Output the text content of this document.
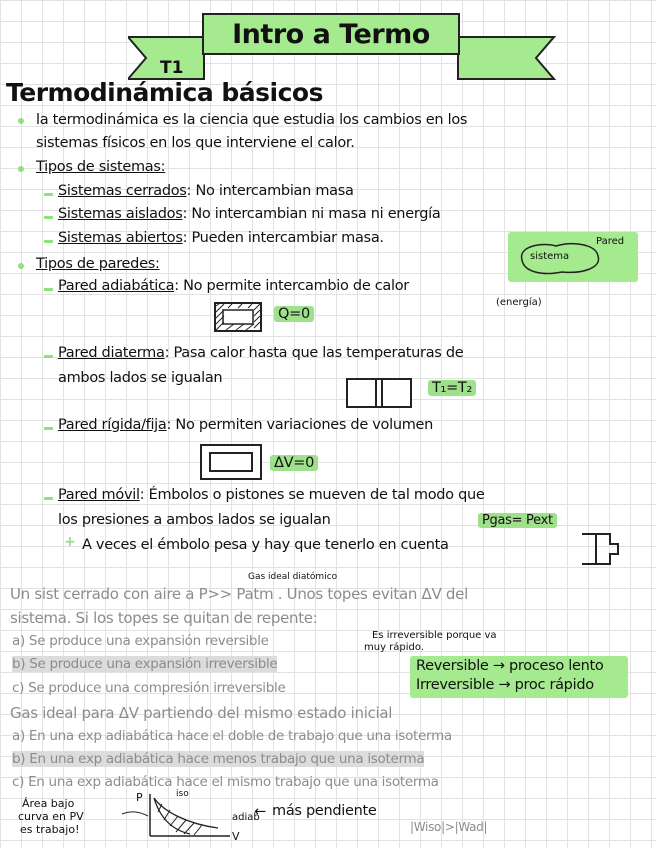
Intro a Termo
T1
Termodinámica básicos
la termodinámica es la ciencia que estudia los cambios en los
sistemas físicos en los que interviene el calor.
Tipos de sistemas:
Sistemas cerrados: No intercambian masa
Sistemas aislados: No intercambian ni masa ni energía
Sistemas abiertos: Pueden intercambiar masa.
sistema
Pared
Tipos de paredes:
Pared adiabática: No permite intercambio de calor
(energía)
Q=0
Pared diaterma: Pasa calor hasta que las temperaturas de
ambos lados se igualan
T₁=T₂
Pared rígida/fija: No permiten variaciones de volumen
ΔV=0
Pared móvil: Émbolos o pistones se mueven de tal modo que
los presiones a ambos lados se igualan	Pgas= Pext
+ A veces el émbolo pesa y hay que tenerlo en cuenta
Gas ideal diatómico
Un sist cerrado con aire a P>> Patm . Unos topes evitan ΔV del
sistema. Si los topes se quitan de repente:
a) Se produce una expansión reversible
b) Se produce una expansión irreversible
c) Se produce una compresión irreversible
Es irreversible porque va
muy rápido.
Reversible → proceso lento
Irreversible → proc rápido
Gas ideal para ΔV partiendo del mismo estado inicial
a) En una exp adiabática hace el doble de trabajo que una isoterma
b) En una exp adiabática hace menos trabajo que una isoterma
c) En una exp adiabática hace el mismo trabajo que una isoterma
Área bajo
curva en PV
es trabajo!
P	iso
adiab
V
← más pendiente
|Wiso|>|Wad|
